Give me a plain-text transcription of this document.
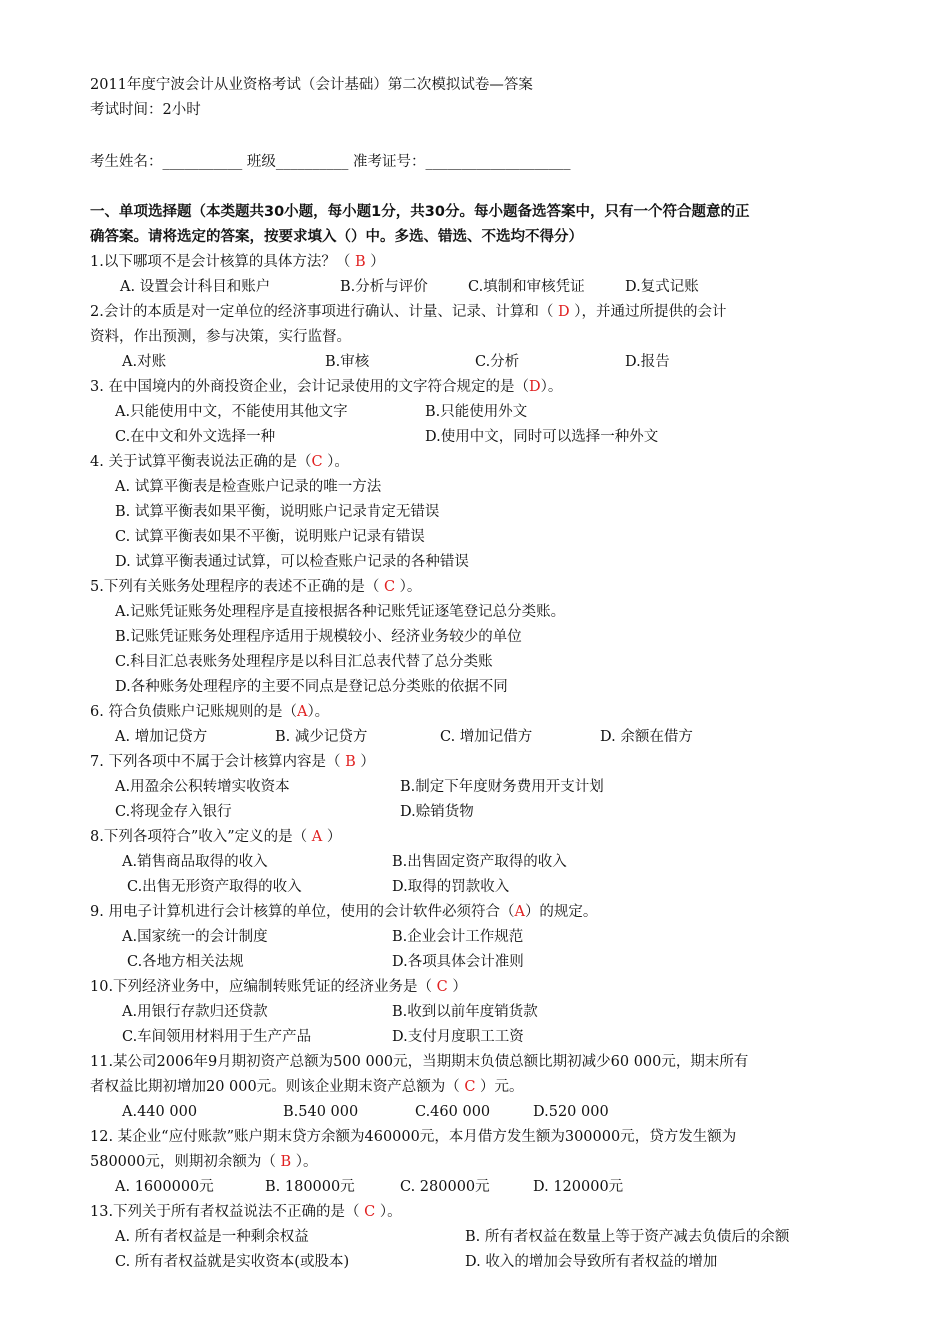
2011年度宁波会计从业资格考试（会计基础）第二次模拟试卷—答案
考试时间：2小时
考生姓名：___________ 班级__________ 准考证号：____________________
一、单项选择题（本类题共30小题，每小题1分，共30分。每小题备选答案中，只有一个符合题意的正
确答案。请将选定的答案，按要求填入（）中。多选、错选、不选均不得分）
1.以下哪项不是会计核算的具体方法？（ B ）
A. 设置会计科目和账户	B.分析与评价	C.填制和审核凭证	D.复式记账
2.会计的本质是对一定单位的经济事项进行确认、计量、记录、计算和（ D ），并通过所提供的会计
资料，作出预测，参与决策，实行监督。
A.对账	B.审核	C.分析	D.报告
3. 在中国境内的外商投资企业，会计记录使用的文字符合规定的是（D）。
A.只能使用中文，不能使用其他文字	B.只能使用外文
C.在中文和外文选择一种	D.使用中文，同时可以选择一种外文
4. 关于试算平衡表说法正确的是（C ）。
A. 试算平衡表是检查账户记录的唯一方法
B. 试算平衡表如果平衡，说明账户记录肯定无错误
C. 试算平衡表如果不平衡，说明账户记录有错误
D. 试算平衡表通过试算，可以检查账户记录的各种错误
5.下列有关账务处理程序的表述不正确的是（ C ）。
A.记账凭证账务处理程序是直接根据各种记账凭证逐笔登记总分类账。
B.记账凭证账务处理程序适用于规模较小、经济业务较少的单位
C.科目汇总表账务处理程序是以科目汇总表代替了总分类账
D.各种账务处理程序的主要不同点是登记总分类账的依据不同
6. 符合负债账户记账规则的是（A）。
A. 增加记贷方	B. 减少记贷方	C. 增加记借方	D. 余额在借方
7. 下列各项中不属于会计核算内容是（ B ）
A.用盈余公积转增实收资本	B.制定下年度财务费用开支计划
C.将现金存入银行	D.赊销货物
8.下列各项符合”收入”定义的是（ A ）
A.销售商品取得的收入	B.出售固定资产取得的收入
C.出售无形资产取得的收入	D.取得的罚款收入
9. 用电子计算机进行会计核算的单位，使用的会计软件必须符合（A）的规定。
A.国家统一的会计制度	B.企业会计工作规范
C.各地方相关法规	D.各项具体会计准则
10.下列经济业务中，应编制转账凭证的经济业务是（ C ）
A.用银行存款归还贷款	B.收到以前年度销货款
C.车间领用材料用于生产产品	D.支付月度职工工资
11.某公司2006年9月期初资产总额为500 000元，当期期末负债总额比期初减少60 000元，期末所有
者权益比期初增加20 000元。则该企业期末资产总额为（ C ）元。
A.440 000	B.540 000	C.460 000	D.520 000
12. 某企业“应付账款”账户期末贷方余额为460000元，本月借方发生额为300000元，贷方发生额为
580000元，则期初余额为（ B ）。
A. 1600000元	B. 180000元	C. 280000元	D. 120000元
13.下列关于所有者权益说法不正确的是（ C ）。
A. 所有者权益是一种剩余权益	B. 所有者权益在数量上等于资产减去负债后的余额
C. 所有者权益就是实收资本(或股本)	D. 收入的增加会导致所有者权益的增加
